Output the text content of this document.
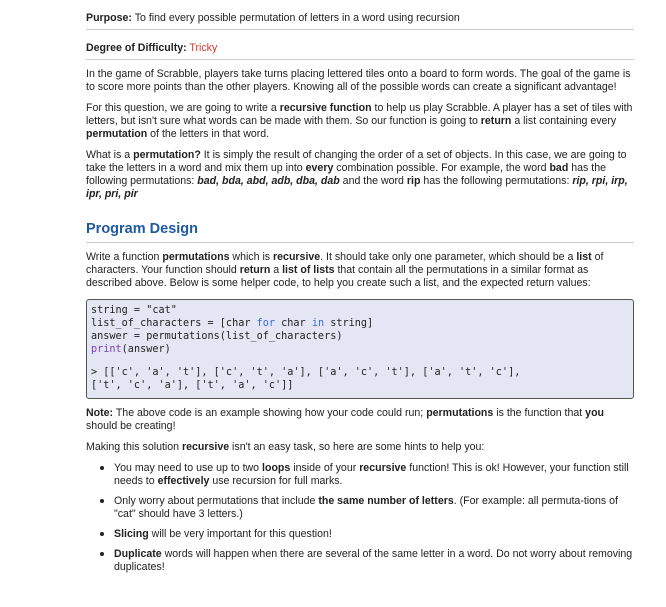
Purpose: To find every possible permutation of letters in a word using recursion
Degree of Difficulty: Tricky

In the game of Scrabble, players take turns placing lettered tiles onto a board to form words. The goal of the game is to score more points than the other players. Knowing all of the possible words can create a significant advantage!

For this question, we are going to write a recursive function to help us play Scrabble. A player has a set of tiles with letters, but isn't sure what words can be made with them. So our function is going to return a list containing every permutation of the letters in that word.

What is a permutation? It is simply the result of changing the order of a set of objects. In this case, we are going to take the letters in a word and mix them up into every combination possible. For example, the word bad has the following permutations: bad, bda, abd, adb, dba, dab and the word rip has the following permutations: rip, rpi, irp, ipr, pri, pir

Program Design

Write a function permutations which is recursive. It should take only one parameter, which should be a list of characters. Your function should return a list of lists that contain all the permutations in a similar format as described above. Below is some helper code, to help you create such a list, and the expected return values:

string = "cat"
list_of_characters = [char for char in string]
answer = permutations(list_of_characters)
print(answer)
> [['c', 'a', 't'], ['c', 't', 'a'], ['a', 'c', 't'], ['a', 't', 'c'],
['t', 'c', 'a'], ['t', 'a', 'c']]

Note: The above code is an example showing how your code could run; permutations is the function that you should be creating!

Making this solution recursive isn't an easy task, so here are some hints to help you:

• You may need to use up to two loops inside of your recursive function! This is ok! However, your function still needs to effectively use recursion for full marks.
• Only worry about permutations that include the same number of letters. (For example: all permuta-tions of "cat" should have 3 letters.)
• Slicing will be very important for this question!
• Duplicate words will happen when there are several of the same letter in a word. Do not worry about removing duplicates!
